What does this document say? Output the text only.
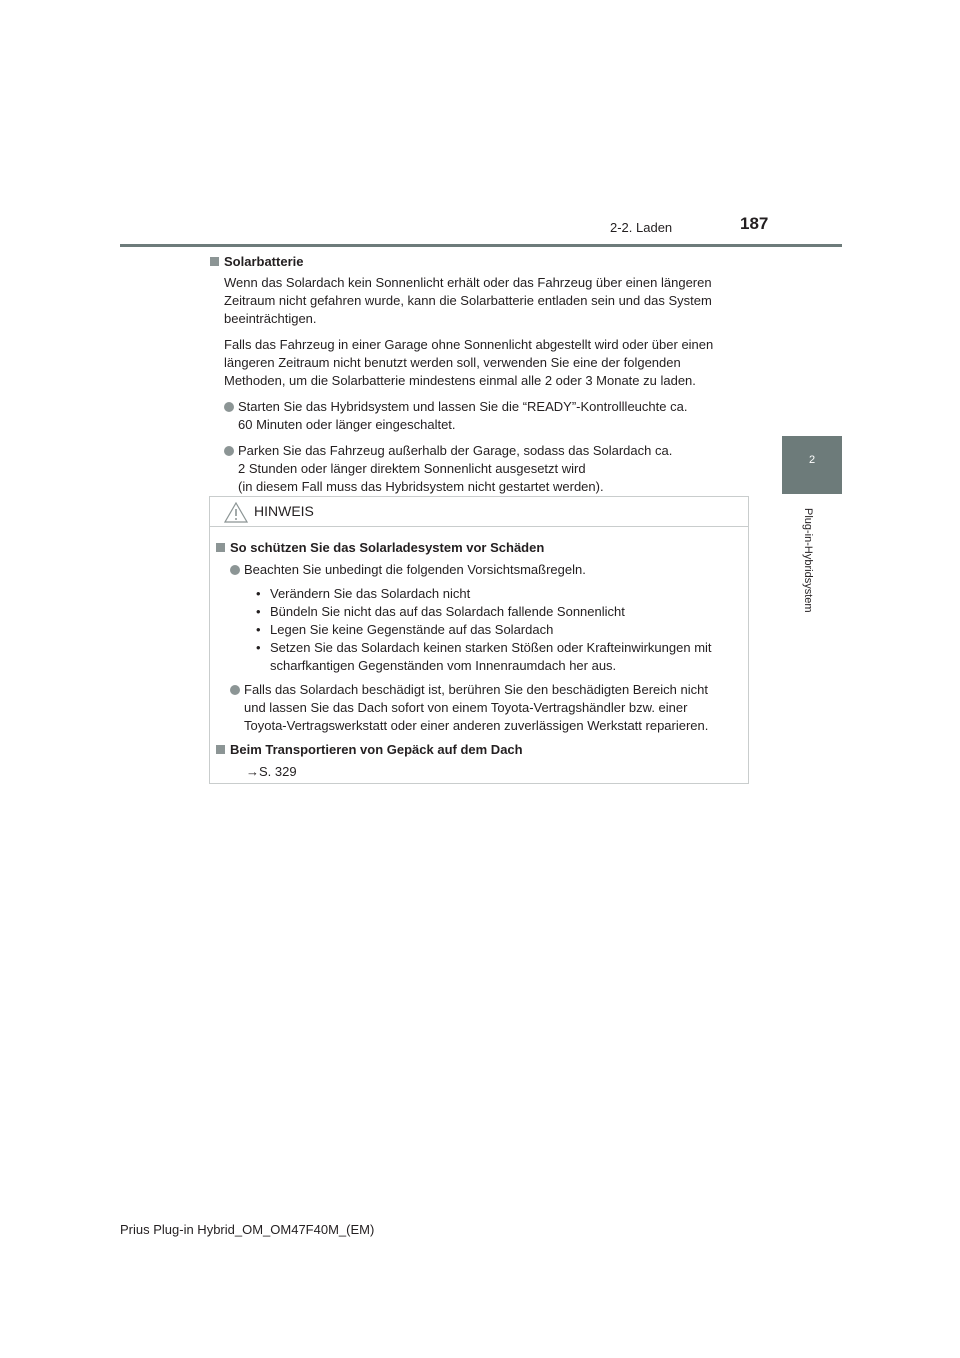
2-2. Laden	187
2
Plug-in-Hybridsystem
Solarbatterie
Wenn das Solardach kein Sonnenlicht erhält oder das Fahrzeug über einen längeren
Zeitraum nicht gefahren wurde, kann die Solarbatterie entladen sein und das System
beeinträchtigen.
Falls das Fahrzeug in einer Garage ohne Sonnenlicht abgestellt wird oder über einen
längeren Zeitraum nicht benutzt werden soll, verwenden Sie eine der folgenden
Methoden, um die Solarbatterie mindestens einmal alle 2 oder 3 Monate zu laden.
Starten Sie das Hybridsystem und lassen Sie die “READY”-Kontrollleuchte ca.
60 Minuten oder länger eingeschaltet.
Parken Sie das Fahrzeug außerhalb der Garage, sodass das Solardach ca.
2 Stunden oder länger direktem Sonnenlicht ausgesetzt wird
(in diesem Fall muss das Hybridsystem nicht gestartet werden).
HINWEIS
So schützen Sie das Solarladesystem vor Schäden
Beachten Sie unbedingt die folgenden Vorsichtsmaßregeln.
• Verändern Sie das Solardach nicht
• Bündeln Sie nicht das auf das Solardach fallende Sonnenlicht
• Legen Sie keine Gegenstände auf das Solardach
• Setzen Sie das Solardach keinen starken Stößen oder Krafteinwirkungen mit
scharfkantigen Gegenständen vom Innenraumdach her aus.
Falls das Solardach beschädigt ist, berühren Sie den beschädigten Bereich nicht
und lassen Sie das Dach sofort von einem Toyota-Vertragshändler bzw. einer
Toyota-Vertragswerkstatt oder einer anderen zuverlässigen Werkstatt reparieren.
Beim Transportieren von Gepäck auf dem Dach
→S. 329
Prius Plug-in Hybrid_OM_OM47F40M_(EM)
